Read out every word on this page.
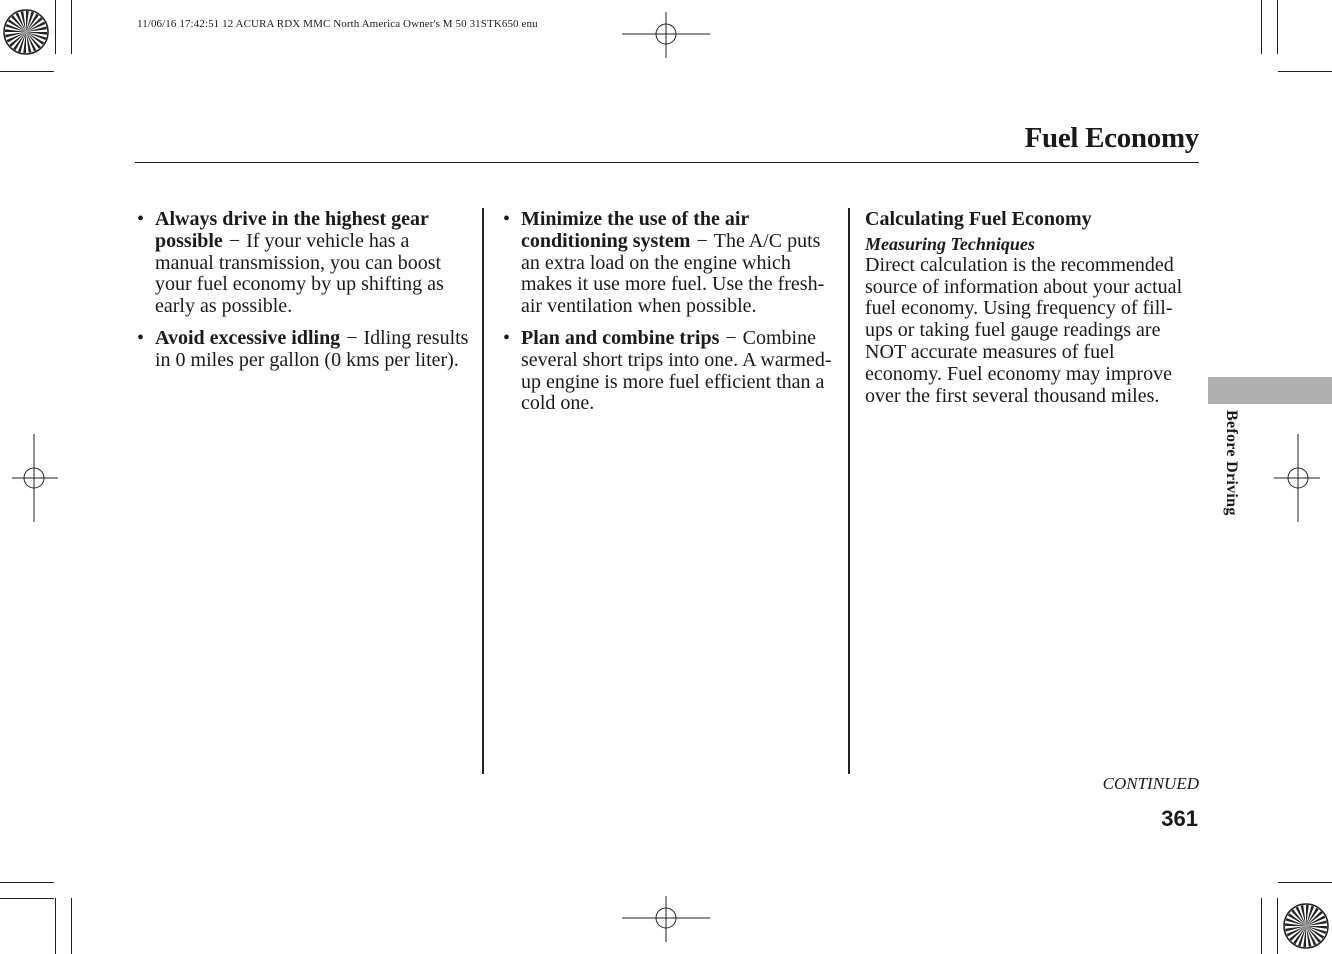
11/06/16 17:42:51 12 ACURA RDX MMC North America Owner's M 50 31STK650 enu
Fuel Economy
• Always drive in the highest gear possible − If your vehicle has a manual transmission, you can boost your fuel economy by up shifting as early as possible.
• Avoid excessive idling − Idling results in 0 miles per gallon (0 kms per liter).
• Minimize the use of the air conditioning system − The A/C puts an extra load on the engine which makes it use more fuel. Use the fresh-air ventilation when possible.
• Plan and combine trips − Combine several short trips into one. A warmed-up engine is more fuel efficient than a cold one.
Calculating Fuel Economy
Measuring Techniques
Direct calculation is the recommended source of information about your actual fuel economy. Using frequency of fill-ups or taking fuel gauge readings are NOT accurate measures of fuel economy. Fuel economy may improve over the first several thousand miles.
Before Driving
CONTINUED
361
